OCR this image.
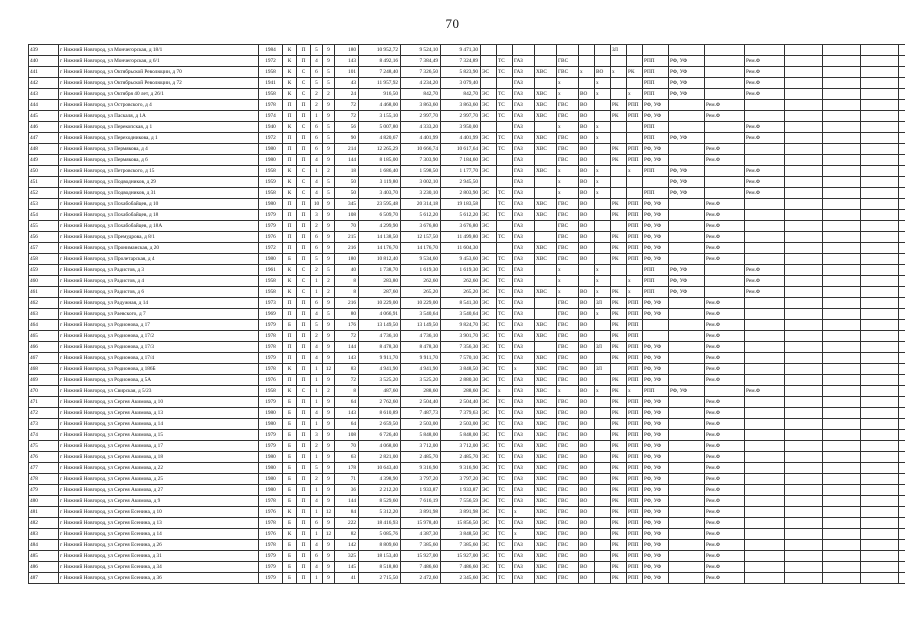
70
439	г Нижний Новгород, ул Мончегорская, д 18/1	1984	К	П	5	9	180	10 952,72	9 524,10	9 471,30								ЗЛ									
440	г Нижний Новгород, ул Мончегорская, д 6/1	1972	К	П	4	9	143	8 492,16	7 384,49	7 324,89		ТС	ГАЗ		ГВС					РПП	РФ, УФ		Рем.Ф				
441	г Нижний Новгород, ул Октябрьской Революции, д 70	1958	К	С	6	5	101	7 248,40	7 326,50	5 823,90	ЭС	ТС	ГАЗ	ХВС	ГВС	х	ВО	х	РК	РПП	РФ, УФ		Рем.Ф				
442	г Нижний Новгород, ул Октябрьской Революции, д 72	1941	К	С	5	5	43	11 957,92	4 234,20	3 079,40			ГАЗ		х		х			РПП	РФ, УФ		Рем.Ф				
443	г Нижний Новгород, ул Октября 40 лет, д 26/1	1958	К	С	2	2	24	916,50	842,70	842,70	ЭС	ТС	ГАЗ	ХВС	х	ВО	х		х	РПП	РФ, УФ		Рем.Ф				
444	г Нижний Новгород, ул Островского, д 4	1978	П	П	2	9	72	4 468,00	3 863,60	3 863,60	ЭС	ТС	ГАЗ	ХВС	ГВС	ВО		РК	РПП	РФ, УФ		Рем.Ф					
445	г Нижний Новгород, ул Паскаля, д 1А	1974	П	П	1	9	72	3 155,10	2 997,70	2 997,70	ЭС	ТС	ГАЗ	ХВС	ГВС	ВО		РК	РПП	РФ, УФ		Рем.Ф					
446	г Нижний Новгород, ул Перекопская, д 1	1940	К	С	6	5	56	5 007,80	4 333,20	3 950,00			ГАЗ		х	ВО	х			РПП			Рем.Ф				
447	г Нижний Новгород, ул Переходникова, д 1	1972	П	П	6	5	90	4 820,67	4 401,99	4 401,99	ЭС	ТС	ГАЗ	ХВС	ГВС	ВО	х			РПП	РФ, УФ		Рем.Ф				
448	г Нижний Новгород, ул Пермякова, д 4	1980	П	П	6	9	214	12 265,29	10 666,74	10 617,64	ЭС	ТС	ГАЗ	ХВС	ГВС	ВО		РК	РПП	РФ, УФ		Рем.Ф					
449	г Нижний Новгород, ул Пермякова, д 6	1980	П	П	4	9	144	8 185,00	7 303,90	7 184,60	ЭС		ГАЗ		ГВС	ВО		РК	РПП	РФ, УФ		Рем.Ф					
450	г Нижний Новгород, ул Петровского, д 15	1958	К	С	1	2	18	1 686,40	1 598,50	1 177,70	ЭС		ГАЗ	ХВС	х	ВО	х		х	РПП	РФ, УФ		Рем.Ф				
451	г Нижний Новгород, ул Подводников, д 29	1959	К	С	4	5	50	3 119,80	3 002,10	2 945,50			ГАЗ		х	ВО	х				РФ, УФ		Рем.Ф				
452	г Нижний Новгород, ул Подводников, д 31	1958	К	С	4	5	50	3 403,70	3 230,10	2 803,90	ЭС	ТС	ГАЗ		х	ВО	х			РПП	РФ, УФ		Рем.Ф				
453	г Нижний Новгород, ул Похабобайцев, д 10	1980	П	П	10	9	345	23 595,48	20 314,18	19 183,58		ТС	ГАЗ	ХВС	ГВС	ВО		РК	РПП	РФ, УФ		Рем.Ф					
454	г Нижний Новгород, ул Похабобайцев, д 18	1979	П	П	3	9	108	6 509,70	5 612,20	5 612,20	ЭС	ТС	ГАЗ	ХВС	ГВС	ВО		РК	РПП	РФ, УФ		Рем.Ф					
455	г Нижний Новгород, ул Похабобайцев, д 18А	1979	П	П	2	9	70	4 299,90	3 676,80	3 676,80	ЭС		ГАЗ		ГВС	ВО			РПП	РФ, УФ		Рем.Ф					
456	г Нижний Новгород, ул Премудрова, д 8/1	1976	П	П	6	9	215	14 138,50	12 157,50	11 499,80	ЭС	ТС	ГАЗ		ГВС	ВО		РК	РПП	РФ, УФ		Рем.Ф					
457	г Нижний Новгород, ул Прониманская, д 20	1972	П	П	6	9	216	14 176,70	14 176,70	11 604,30			ГАЗ	ХВС	ГВС	ВО		РК	РПП	РФ, УФ		Рем.Ф					
458	г Нижний Новгород, ул Пролетарская, д 4	1980	Б	П	5	9	180	10 812,40	9 534,60	9 453,60	ЭС	ТС	ГАЗ	ХВС	ГВС	ВО		РК	РПП	РФ, УФ		Рем.Ф					
459	г Нижний Новгород, ул Радистов, д 3	1961	К	С	2	5	40	1 738,70	1 619,30	1 619,30	ЭС	ТС	ГАЗ		х		х			РПП	РФ, УФ		Рем.Ф				
460	г Нижний Новгород, ул Радистов, д 4	1958	К	С	1	2	8	283,80	262,60	262,60	ЭС	ТС	ГАЗ		х		х		х	РПП	РФ, УФ		Рем.Ф				
461	г Нижний Новгород, ул Радистов, д 6	1958	К	С	1	2	8	287,60	265,20	265,20	ЭС	ТС	ГАЗ	ХВС	х	ВО	х	РК	х	РПП	РФ, УФ		Рем.Ф				
462	г Нижний Новгород, ул Радужная, д 14	1973	П	П	6	9	216	10 229,00	10 229,00	8 541,30	ЭС	ТС	ГАЗ		ГВС	ВО	ЗЛ	РК	РПП	РФ, УФ		Рем.Ф					
463	г Нижний Новгород, ул Раевского, д 7	1969	П	П	4	5	80	4 066,91	3 540,64	3 540,64	ЭС	ТС	ГАЗ		ГВС	ВО	х	РК	РПП	РФ, УФ		Рем.Ф					
464	г Нижний Новгород, ул Родионова, д 17	1979	Б	П	5	9	176	13 149,50	13 149,50	9 824,70	ЭС	ТС	ГАЗ	ХВС	ГВС	ВО		РК	РПП			Рем.Ф					
465	г Нижний Новгород, ул Родионова, д 17/2	1978	П	П	2	9	72	4 736,10	4 736,10	3 901,70	ЭС	ТС	ГАЗ	ХВС	ГВС	ВО		РК	РПП			Рем.Ф					
466	г Нижний Новгород, ул Родионова, д 17/3	1978	П	П	4	9	144	8 478,30	8 478,30	7 356,30	ЭС	ТС	ГАЗ		ГВС	ВО	ЗЛ	РК	РПП	РФ, УФ		Рем.Ф					
467	г Нижний Новгород, ул Родионова, д 17/4	1979	П	П	4	9	143	9 911,70	9 911,70	7 570,10	ЭС	ТС	ГАЗ	ХВС	ГВС	ВО		РК	РПП	РФ, УФ		Рем.Ф					
468	г Нижний Новгород, ул Родионова, д 186Б	1978	К	П	1	12	83	4 941,90	4 941,90	3 848,50	ЭС	ТС	х	ХВС	ГВС	ВО	ЗЛ		РПП	РФ, УФ		Рем.Ф					
469	г Нижний Новгород, ул Родионова, д 5А	1976	П	П	1	9	72	3 525,20	3 525,20	2 880,30	ЭС	ТС	ГАЗ	ХВС	ГВС	ВО		РК	РПП	РФ, УФ		Рем.Ф					
470	г Нижний Новгород, ул Свирская, д 5/23	1958	К	С	1	2	8	487,60	288,60	288,60	ЭС	х	ГАЗ	ХВС	х	ВО	х	РК	х	РПП	РФ, УФ		Рем.Ф				
471	г Нижний Новгород, ул Сергея Акимова, д 10	1979	Б	П	1	9	64	2 762,60	2 504,40	2 504,40	ЭС	ТС	ГАЗ	ХВС	ГВС	ВО		РК	РПП	РФ, УФ		Рем.Ф					
472	г Нижний Новгород, ул Сергея Акимова, д 13	1980	Б	П	4	9	143	8 610,89	7 487,73	7 379,63	ЭС	ТС	ГАЗ	ХВС	ГВС	ВО		РК	РПП	РФ, УФ		Рем.Ф					
473	г Нижний Новгород, ул Сергея Акимова, д 14	1980	Б	П	1	9	64	2 659,50	2 503,00	2 503,00	ЭС	ТС	ГАЗ	ХВС	ГВС	ВО		РК	РПП	РФ, УФ		Рем.Ф					
474	г Нижний Новгород, ул Сергея Акимова, д 15	1979	Б	П	3	9	108	6 726,40	5 848,00	5 848,00	ЭС	ТС	ГАЗ	ХВС	ГВС	ВО		РК	РПП	РФ, УФ		Рем.Ф					
475	г Нижний Новгород, ул Сергея Акимова, д 17	1979	Б	П	2	9	70	4 068,00	3 712,00	3 712,00	ЭС	ТС	ГАЗ	ХВС	ГВС	ВО		РК	РПП	РФ, УФ		Рем.Ф					
476	г Нижний Новгород, ул Сергея Акимова, д 18	1980	Б	П	1	9	63	2 821,00	2 485,70	2 485,70	ЭС	ТС	ГАЗ	ХВС	ГВС	ВО		РК	РПП	РФ, УФ		Рем.Ф					
477	г Нижний Новгород, ул Сергея Акимова, д 22	1980	Б	П	5	9	178	10 643,40	9 316,90	9 316,90	ЭС	ТС	ГАЗ	ХВС	ГВС	ВО		РК	РПП	РФ, УФ		Рем.Ф					
478	г Нижний Новгород, ул Сергея Акимова, д 25	1980	Б	П	2	9	71	4 398,90	3 797,20	3 797,20	ЭС	ТС	ГАЗ	ХВС	ГВС	ВО		РК	РПП	РФ, УФ		Рем.Ф					
479	г Нижний Новгород, ул Сергея Акимова, д 27	1980	Б	П	1	9	36	2 212,20	1 933,87	1 933,87	ЭС	ТС	ГАЗ	ХВС	ГВС	ВО		РК	РПП	РФ, УФ		Рем.Ф					
480	г Нижний Новгород, ул Сергея Акимова, д 9	1978	Б	П	4	9	144	8 529,60	7 616,19	7 556,59	ЭС	ТС	ГАЗ	ХВС	ГВС	ВО		РК	РПП	РФ, УФ		Рем.Ф					
481	г Нижний Новгород, ул Сергея Есенина, д 10	1976	К	П	1	12	84	5 312,20	3 891,98	3 891,98	ЭС	ТС	х	ХВС	ГВС	ВО		РК	РПП	РФ, УФ		Рем.Ф					
482	г Нижний Новгород, ул Сергея Есенина, д 13	1978	Б	П	6	9	222	18 416,93	15 978,40	15 856,50	ЭС	ТС	ГАЗ	ХВС	ГВС	ВО		РК	РПП	РФ, УФ		Рем.Ф					
483	г Нижний Новгород, ул Сергея Есенина, д 14	1976	К	П	1	12	82	5 085,76	4 387,30	3 848,50	ЭС	ТС	х	ХВС	ГВС	ВО		РК	РПП	РФ, УФ		Рем.Ф					
484	г Нижний Новгород, ул Сергея Есенина, д 26	1978	Б	П	4	9	142	8 809,60	7 385,60	7 385,60	ЭС	ТС	ГАЗ	ХВС	ГВС	ВО		РК	РПП	РФ, УФ		Рем.Ф					
485	г Нижний Новгород, ул Сергея Есенина, д 31	1979	Б	П	6	9	325	18 153,40	15 927,00	15 927,00	ЭС	ТС	ГАЗ	ХВС	ГВС	ВО		РК	РПП	РФ, УФ		Рем.Ф					
486	г Нижний Новгород, ул Сергея Есенина, д 34	1979	Б	П	4	9	145	8 518,80	7 486,60	7 486,60	ЭС	ТС	ГАЗ	ХВС	ГВС	ВО		РК	РПП	РФ, УФ		Рем.Ф					
487	г Нижний Новгород, ул Сергея Есенина, д 36	1979	Б	П	1	9	41	2 715,50	2 472,60	2 345,60	ЭС	ТС	ГАЗ	ХВС	ГВС	ВО		РК	РПП	РФ, УФ		Рем.Ф					
